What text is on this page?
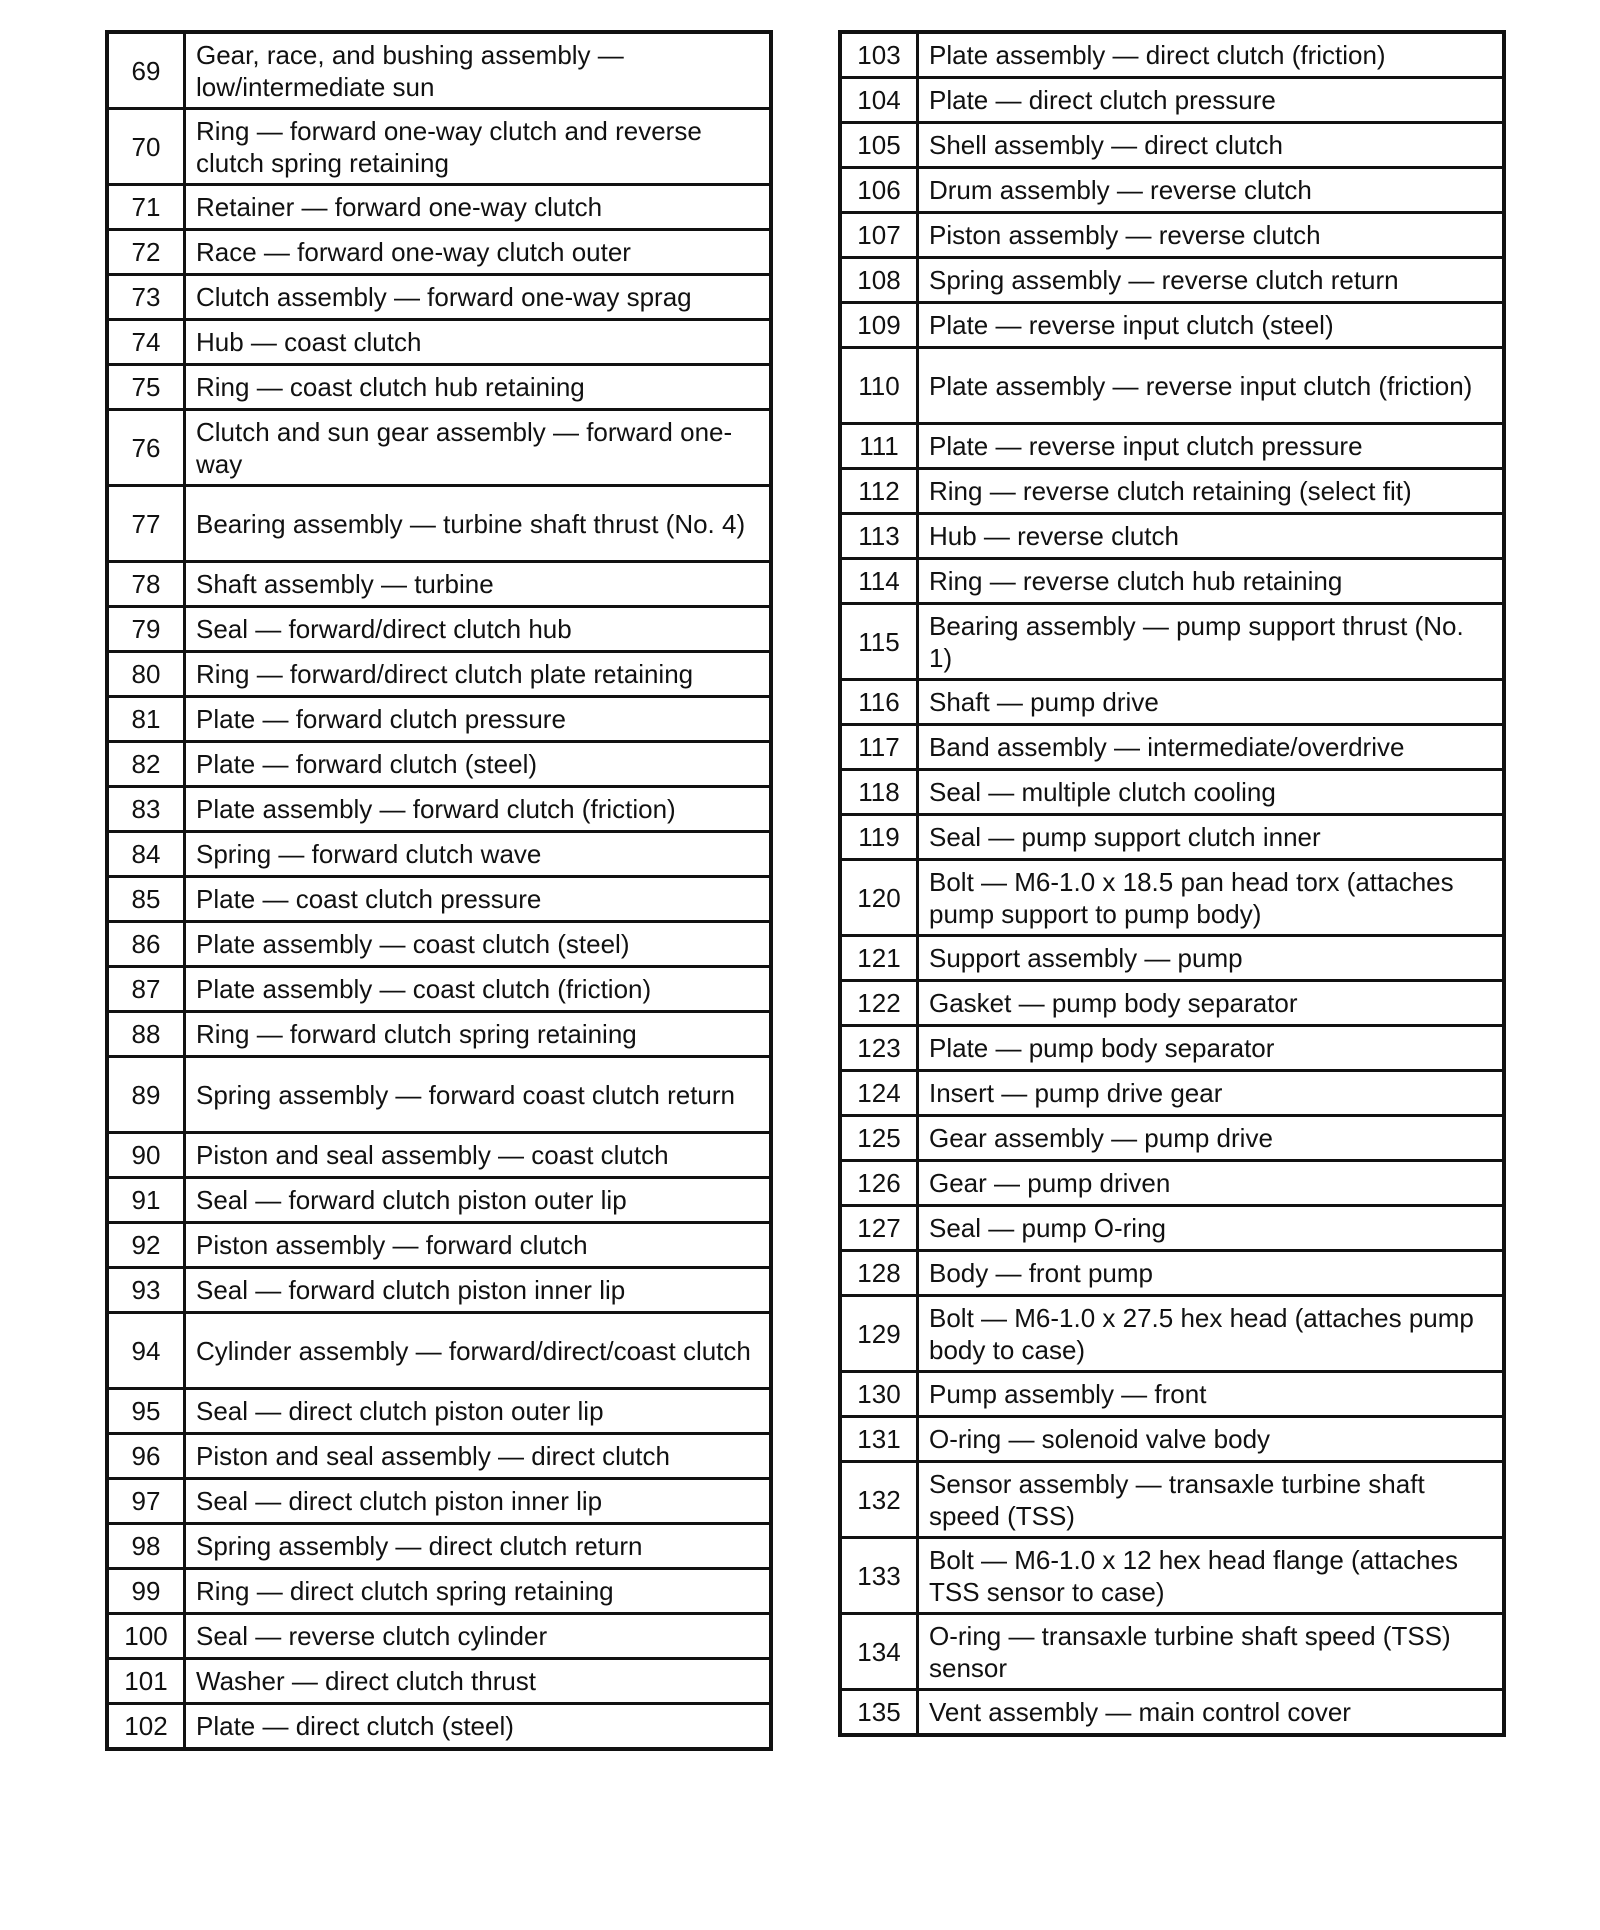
69	Gear, race, and bushing assembly — low/intermediate sun
70	Ring — forward one-way clutch and reverse clutch spring retaining
71	Retainer — forward one-way clutch
72	Race — forward one-way clutch outer
73	Clutch assembly — forward one-way sprag
74	Hub — coast clutch
75	Ring — coast clutch hub retaining
76	Clutch and sun gear assembly — forward one-way
77	Bearing assembly — turbine shaft thrust (No. 4)
78	Shaft assembly — turbine
79	Seal — forward/direct clutch hub
80	Ring — forward/direct clutch plate retaining
81	Plate — forward clutch pressure
82	Plate — forward clutch (steel)
83	Plate assembly — forward clutch (friction)
84	Spring — forward clutch wave
85	Plate — coast clutch pressure
86	Plate assembly — coast clutch (steel)
87	Plate assembly — coast clutch (friction)
88	Ring — forward clutch spring retaining
89	Spring assembly — forward coast clutch return
90	Piston and seal assembly — coast clutch
91	Seal — forward clutch piston outer lip
92	Piston assembly — forward clutch
93	Seal — forward clutch piston inner lip
94	Cylinder assembly — forward/direct/coast clutch
95	Seal — direct clutch piston outer lip
96	Piston and seal assembly — direct clutch
97	Seal — direct clutch piston inner lip
98	Spring assembly — direct clutch return
99	Ring — direct clutch spring retaining
100	Seal — reverse clutch cylinder
101	Washer — direct clutch thrust
102	Plate — direct clutch (steel)
103	Plate assembly — direct clutch (friction)
104	Plate — direct clutch pressure
105	Shell assembly — direct clutch
106	Drum assembly — reverse clutch
107	Piston assembly — reverse clutch
108	Spring assembly — reverse clutch return
109	Plate — reverse input clutch (steel)
110	Plate assembly — reverse input clutch (friction)
111	Plate — reverse input clutch pressure
112	Ring — reverse clutch retaining (select fit)
113	Hub — reverse clutch
114	Ring — reverse clutch hub retaining
115	Bearing assembly — pump support thrust (No. 1)
116	Shaft — pump drive
117	Band assembly — intermediate/overdrive
118	Seal — multiple clutch cooling
119	Seal — pump support clutch inner
120	Bolt — M6-1.0 x 18.5 pan head torx (attaches pump support to pump body)
121	Support assembly — pump
122	Gasket — pump body separator
123	Plate — pump body separator
124	Insert — pump drive gear
125	Gear assembly — pump drive
126	Gear — pump driven
127	Seal — pump O-ring
128	Body — front pump
129	Bolt — M6-1.0 x 27.5 hex head (attaches pump body to case)
130	Pump assembly — front
131	O-ring — solenoid valve body
132	Sensor assembly — transaxle turbine shaft speed (TSS)
133	Bolt — M6-1.0 x 12 hex head flange (attaches TSS sensor to case)
134	O-ring — transaxle turbine shaft speed (TSS) sensor
135	Vent assembly — main control cover
